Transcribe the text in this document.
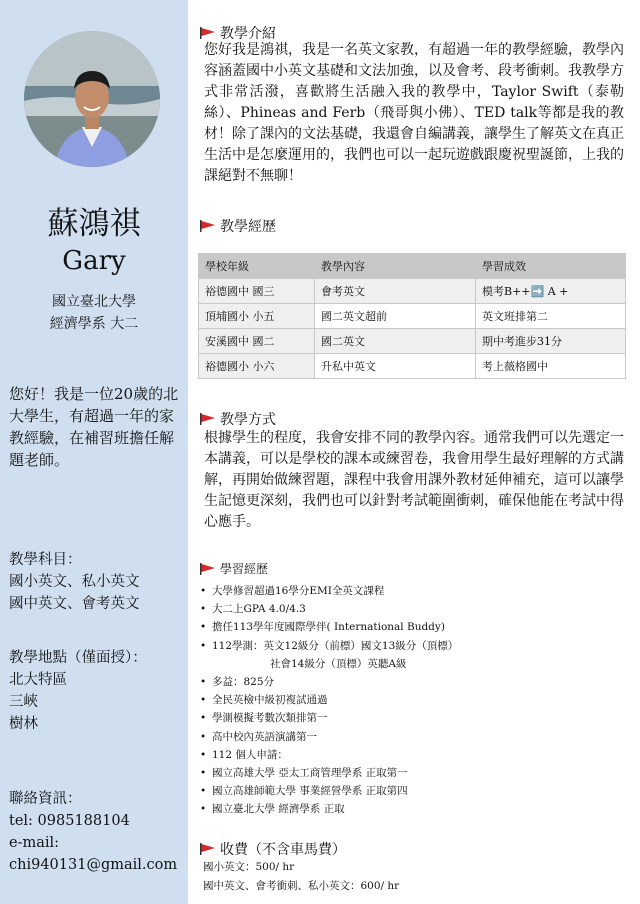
蘇鴻祺
Gary
國立臺北大學
經濟學系 大二
您好！我是一位20歲的北大學生，有超過一年的家教經驗，在補習班擔任解題老師。
教學科目：
國小英文、私小英文
國中英文、會考英文
教學地點（僅面授）：
北大特區
三峽
樹林
聯絡資訊：
tel: 0985188104
e-mail:
chi940131@gmail.com
教學介紹
您好我是鴻祺，我是一名英文家教，有超過一年的教學經驗，教學內容涵蓋國中小英文基礎和文法加強，以及會考、段考衝刺。我教學方式非常活潑，喜歡將生活融入我的教學中，Taylor Swift（泰勒絲）、Phineas and Ferb（飛哥與小佛）、TED talk等都是我的教材！除了課內的文法基礎，我還會自編講義，讓學生了解英文在真正生活中是怎麼運用的，我們也可以一起玩遊戲跟慶祝聖誕節，上我的課絕對不無聊！
教學經歷
學校年級	教學內容	學習成效
裕德國中 國三	會考英文	模考B++➡️ A +
頂埔國小 小五	國二英文超前	英文班排第二
安溪國中 國二	國二英文	期中考進步31分
裕德國小 小六	升私中英文	考上薇格國中
教學方式
根據學生的程度，我會安排不同的教學內容。通常我們可以先選定一本講義，可以是學校的課本或練習卷，我會用學生最好理解的方式講解，再開始做練習題，課程中我會用課外教材延伸補充，這可以讓學生記憶更深刻，我們也可以針對考試範圍衝刺，確保他能在考試中得心應手。
學習經歷
• 大學修習超過16學分EMI全英文課程
• 大二上GPA 4.0/4.3
• 擔任113學年度國際學伴( International Buddy)
• 112學測：英文12級分（前標）國文13級分（頂標）
社會14級分（頂標）英聽A級
• 多益：825分
• 全民英檢中級初複試通過
• 學測模擬考數次類排第一
• 高中校內英語演講第一
• 112 個人申請：
• 國立高雄大學 亞太工商管理學系 正取第一
• 國立高雄師範大學 事業經營學系 正取第四
• 國立臺北大學 經濟學系 正取
收費（不含車馬費）
國小英文：500/ hr
國中英文、會考衝刺、私小英文：600/ hr
